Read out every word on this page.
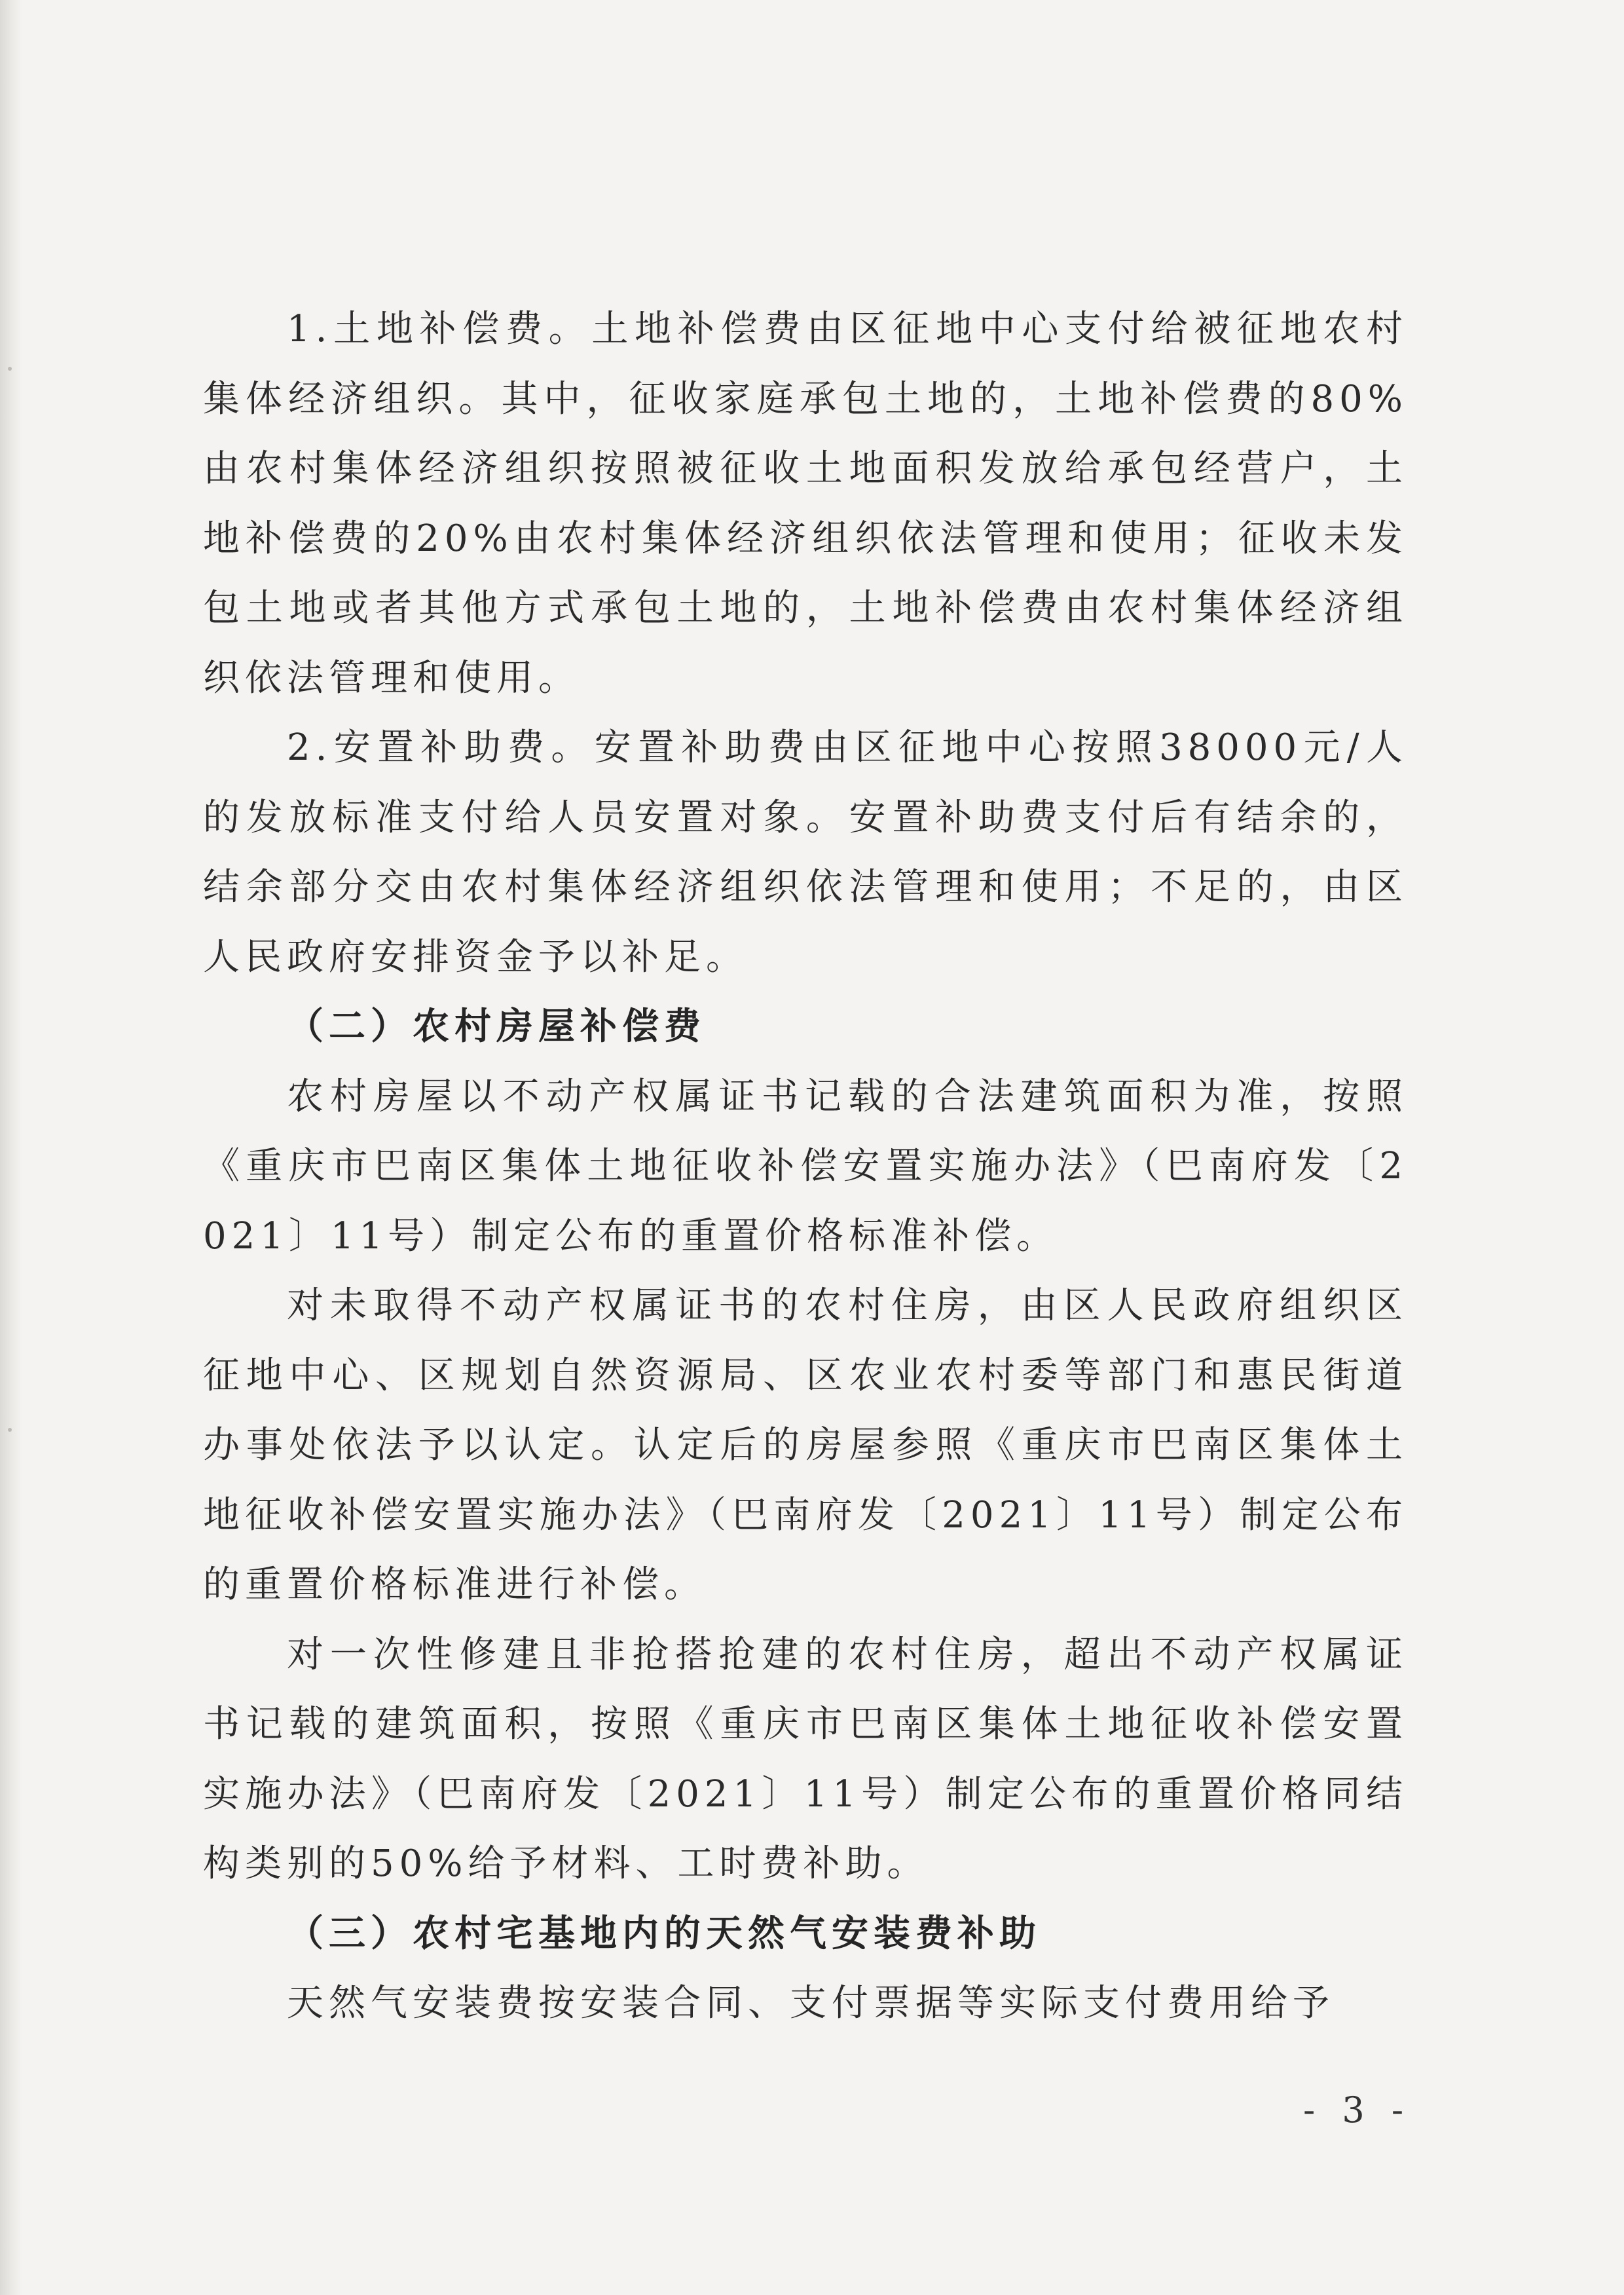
1.土地补偿费。土地补偿费由区征地中心支付给被征地农村集体经济组织。其中，征收家庭承包土地的，土地补偿费的80%由农村集体经济组织按照被征收土地面积发放给承包经营户，土地补偿费的20%由农村集体经济组织依法管理和使用；征收未发包土地或者其他方式承包土地的，土地补偿费由农村集体经济组织依法管理和使用。

2.安置补助费。安置补助费由区征地中心按照38000元/人的发放标准支付给人员安置对象。安置补助费支付后有结余的，结余部分交由农村集体经济组织依法管理和使用；不足的，由区人民政府安排资金予以补足。

（二）农村房屋补偿费

农村房屋以不动产权属证书记载的合法建筑面积为准，按照《重庆市巴南区集体土地征收补偿安置实施办法》（巴南府发〔2021〕11号）制定公布的重置价格标准补偿。

对未取得不动产权属证书的农村住房，由区人民政府组织区征地中心、区规划自然资源局、区农业农村委等部门和惠民街道办事处依法予以认定。认定后的房屋参照《重庆市巴南区集体土地征收补偿安置实施办法》（巴南府发〔2021〕11号）制定公布的重置价格标准进行补偿。

对一次性修建且非抢搭抢建的农村住房，超出不动产权属证书记载的建筑面积，按照《重庆市巴南区集体土地征收补偿安置实施办法》（巴南府发〔2021〕11号）制定公布的重置价格同结构类别的50%给予材料、工时费补助。

（三）农村宅基地内的天然气安装费补助

天然气安装费按安装合同、支付票据等实际支付费用给予

- 3 -
